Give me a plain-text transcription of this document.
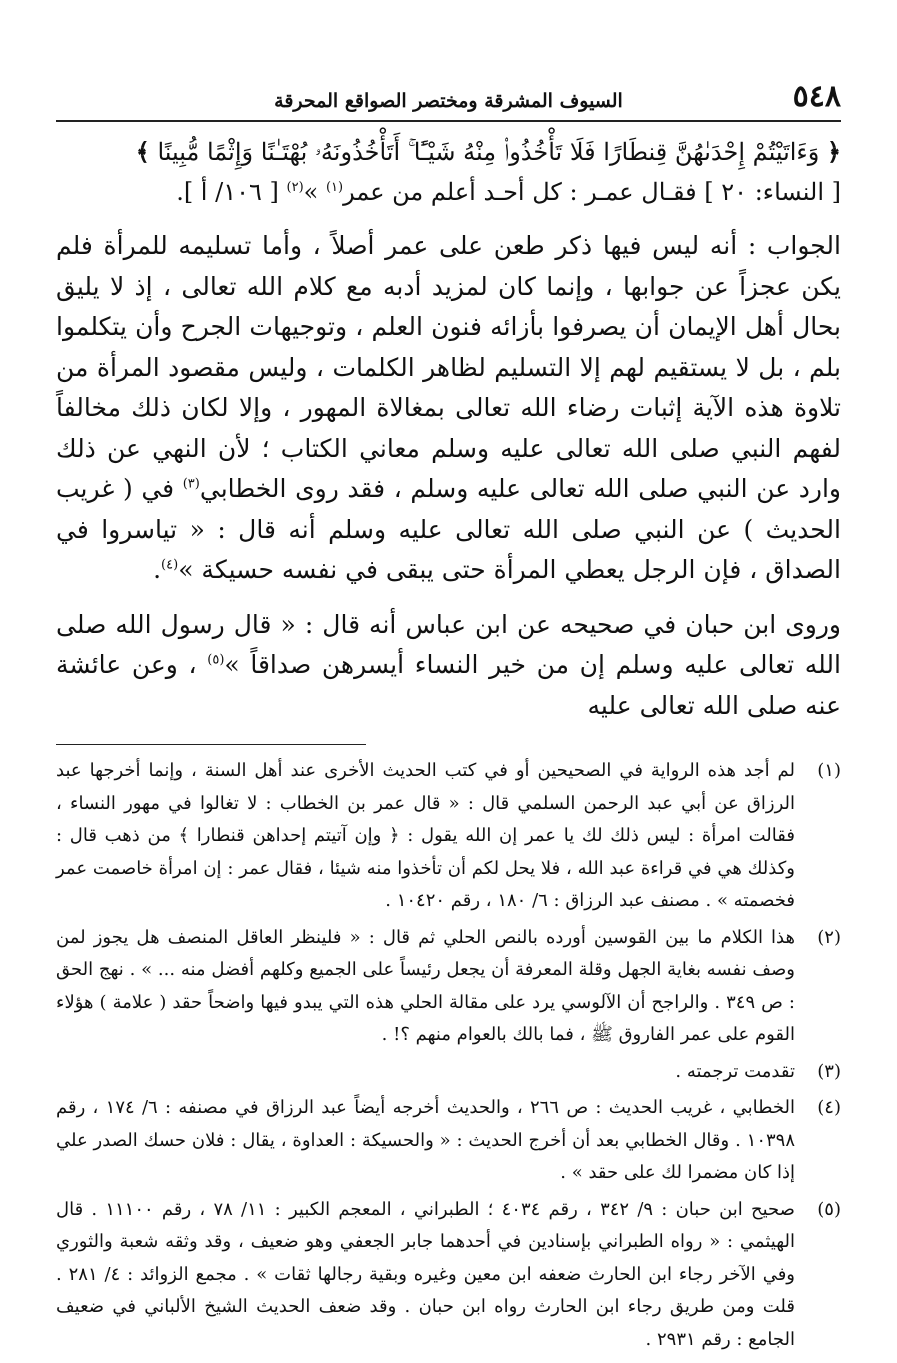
٥٤٨
السيوف المشرقة ومختصر الصواقع المحرقة
﴿ وَءَاتَيْتُمْ إِحْدَىٰهُنَّ قِنطَارًا فَلَا تَأْخُذُوا۟ مِنْهُ شَيْـًٔا ۚ أَتَأْخُذُونَهُۥ بُهْتَـٰنًا وَإِثْمًا مُّبِينًا ﴾
[ النساء: ٢٠ ] فقـال عمـر : كل أحـد أعلم من عمر$^{(١)}$ »$^{(٢)}$ [ ١٠٦/ أ ].

الجواب : أنه ليس فيها ذكر طعن على عمر أصلاً ، وأما تسليمه للمرأة فلم يكن عجزاً عن جوابها ، وإنما كان لمزيد أدبه مع كلام الله تعالى ، إذ لا يليق بحال أهل الإيمان أن يصرفوا بأزائه فنون العلم ، وتوجيهات الجرح وأن يتكلموا بلم ، بل لا يستقيم لهم إلا التسليم لظاهر الكلمات ، وليس مقصود المرأة من تلاوة هذه الآية إثبات رضاء الله تعالى بمغالاة المهور ، وإلا لكان ذلك مخالفاً لفهم النبي صلى الله تعالى عليه وسلم معاني الكتاب ؛ لأن النهي عن ذلك وارد عن النبي صلى الله تعالى عليه وسلم ، فقد روى الخطابي$^{(٣)}$ في ( غريب الحديث ) عن النبي صلى الله تعالى عليه وسلم أنه قال : « تياسروا في الصداق ، فإن الرجل يعطي المرأة حتى يبقى في نفسه حسيكة »$^{(٤)}$.

وروى ابن حبان في صحيحه عن ابن عباس أنه قال : « قال رسول الله صلى الله تعالى عليه وسلم إن من خير النساء أيسرهن صداقاً »$^{(٥)}$ ، وعن عائشة عنه صلى الله تعالى عليه

(١)
لم أجد هذه الرواية في الصحيحين أو في كتب الحديث الأخرى عند أهل السنة ، وإنما أخرجها عبد الرزاق عن أبي عبد الرحمن السلمي قال : « قال عمر بن الخطاب : لا تغالوا في مهور النساء ، فقالت امرأة : ليس ذلك لك يا عمر إن الله يقول : ﴿ وإن آتيتم إحداهن قنطارا ﴾ من ذهب قال : وكذلك هي في قراءة عبد الله ، فلا يحل لكم أن تأخذوا منه شيئا ، فقال عمر : إن امرأة خاصمت عمر فخصمته » . مصنف عبد الرزاق : ٦/ ١٨٠ ، رقم ١٠٤٢٠ .
(٢)
هذا الكلام ما بين القوسين أورده بالنص الحلي ثم قال : « فلينظر العاقل المنصف هل يجوز لمن وصف نفسه بغاية الجهل وقلة المعرفة أن يجعل رئيساً على الجميع وكلهم أفضل منه ... » . نهج الحق : ص ٣٤٩ . والراجح أن الآلوسي يرد على مقالة الحلي هذه التي يبدو فيها واضحاً حقد ( علامة ) هؤلاء القوم على عمر الفاروق ﷺ ، فما بالك بالعوام منهم ؟! .
(٣)
تقدمت ترجمته .
(٤)
الخطابي ، غريب الحديث : ص ٢٦٦ ، والحديث أخرجه أيضاً عبد الرزاق في مصنفه : ٦/ ١٧٤ ، رقم ١٠٣٩٨ . وقال الخطابي بعد أن أخرج الحديث : « والحسيكة : العداوة ، يقال : فلان حسك الصدر علي إذا كان مضمرا لك على حقد » .
(٥)
صحيح ابن حبان : ٩/ ٣٤٢ ، رقم ٤٠٣٤ ؛ الطبراني ، المعجم الكبير : ١١/ ٧٨ ، رقم ١١١٠٠ . قال الهيثمي : « رواه الطبراني بإسنادين في أحدهما جابر الجعفي وهو ضعيف ، وقد وثقه شعبة والثوري وفي الآخر رجاء ابن الحارث ضعفه ابن معين وغيره وبقية رجالها ثقات » . مجمع الزوائد : ٤/ ٢٨١ . قلت ومن طريق رجاء ابن الحارث رواه ابن حبان . وقد ضعف الحديث الشيخ الألباني في ضعيف الجامع : رقم ٢٩٣١ .
